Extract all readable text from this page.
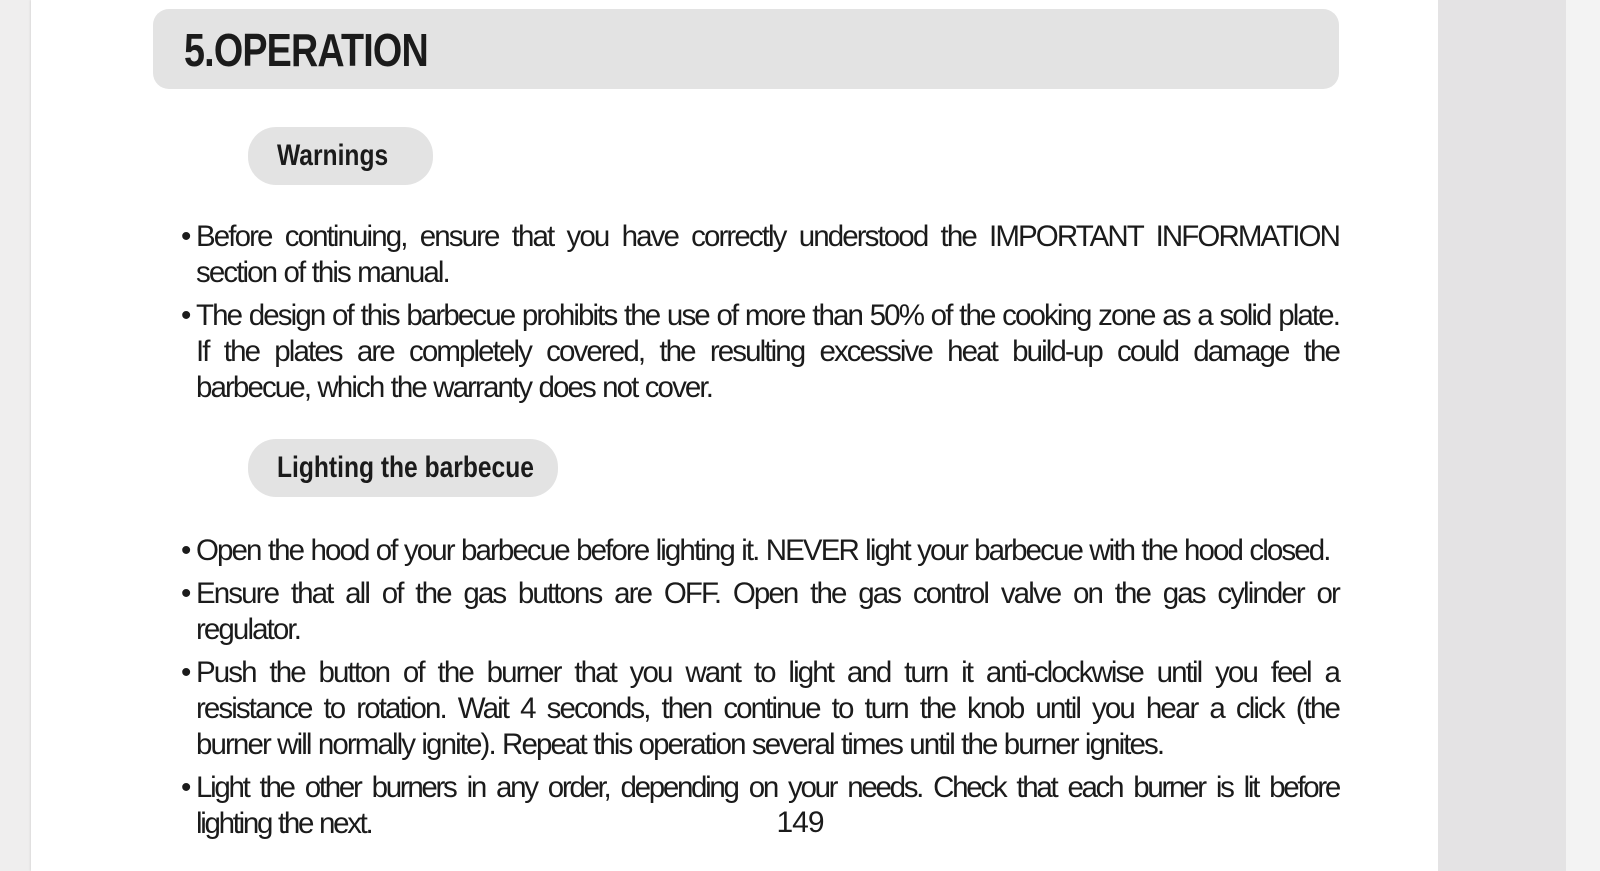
5.OPERATION
Warnings
• Before continuing, ensure that you have correctly understood the IMPORTANT INFORMATION section of this manual.
• The design of this barbecue prohibits the use of more than 50% of the cooking zone as a solid plate. If the plates are completely covered, the resulting excessive heat build-up could damage the barbecue, which the warranty does not cover.
Lighting the barbecue
• Open the hood of your barbecue before lighting it. NEVER light your barbecue with the hood closed.
• Ensure that all of the gas buttons are OFF. Open the gas control valve on the gas cylinder or regulator.
• Push the button of the burner that you want to light and turn it anti-clockwise until you feel a resistance to rotation. Wait 4 seconds, then continue to turn the knob until you hear a click (the burner will normally ignite). Repeat this operation several times until the burner ignites.
• Light the other burners in any order, depending on your needs. Check that each burner is lit before lighting the next.	149
